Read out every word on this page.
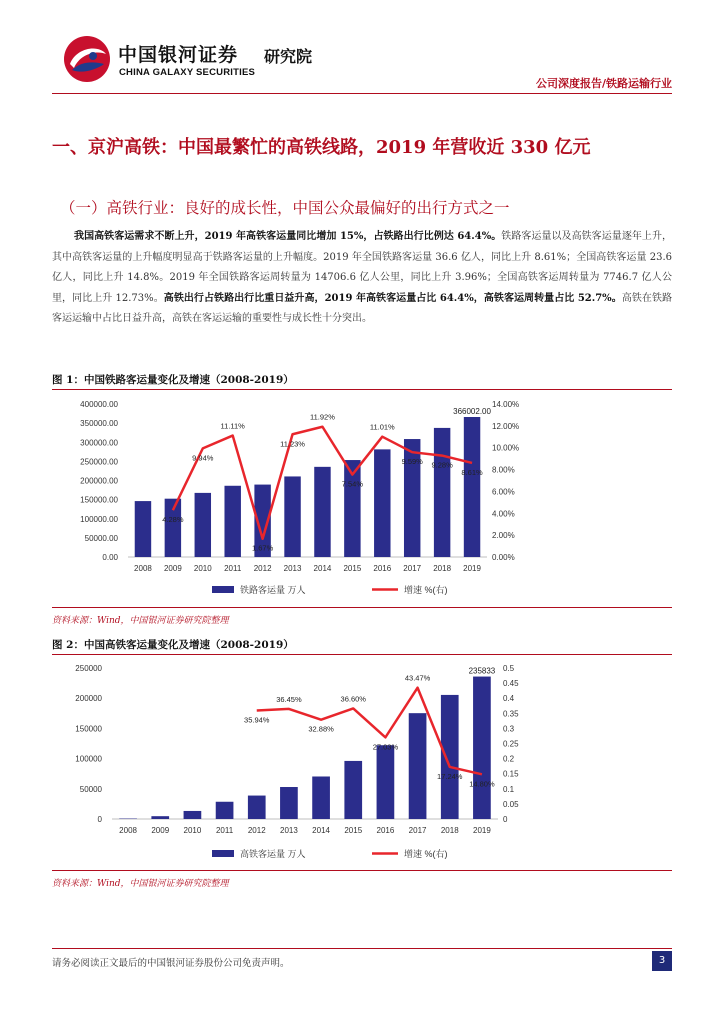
中国银河证券
CHINA GALAXY SECURITIES
研究院
公司深度报告/铁路运输行业
一、京沪高铁：中国最繁忙的高铁线路，2019 年营收近 330 亿元
（一）高铁行业：良好的成长性，中国公众最偏好的出行方式之一
我国高铁客运需求不断上升，2019 年高铁客运量同比增加 15%，占铁路出行比例达 64.4%。铁路客运量以及高铁客运量逐年上升，其中高铁客运量的上升幅度明显高于铁路客运量的上升幅度。2019 年全国铁路客运量 36.6 亿人，同比上升 8.61%；全国高铁客运量 23.6 亿人，同比上升 14.8%。2019 年全国铁路客运周转量为 14706.6 亿人公里，同比上升 3.96%；全国高铁客运周转量为 7746.7 亿人公里，同比上升 12.73%。高铁出行占铁路出行比重日益升高，2019 年高铁客运量占比 64.4%，高铁客运周转量占比 52.7%。高铁在铁路客运运输中占比日益升高，高铁在客运运输的重要性与成长性十分突出。
图 1：中国铁路客运量变化及增速（2008-2019）
0.00
50000.00
100000.00
150000.00
200000.00
250000.00
300000.00
350000.00
400000.00
0.00%
2.00%
4.00%
6.00%
8.00%
10.00%
12.00%
14.00%
2008 2009 2010 2011 2012 2013 2014 2015 2016 2017 2018 2019
366002.00
4.28%
9.94%
11.11%
1.67%
11.23%
11.92%
7.54%
11.01%
9.59% 9.28%
8.61%
铁路客运量 万人	增速 %(右)
资料来源：Wind，中国银河证券研究院整理
图 2：中国高铁客运量变化及增速（2008-2019）
0
50000
100000
150000
200000
250000
0
0.05
0.1
0.15
0.2
0.25
0.3
0.35
0.4
0.45
0.5
2008 2009 2010 2011 2012 2013 2014 2015 2016 2017 2018 2019
235833
35.94%
36.45%
32.88%
36.60%
27.03%
43.47%
17.24%
14.80%
高铁客运量 万人	增速 %(右)
资料来源：Wind，中国银河证券研究院整理
请务必阅读正文最后的中国银河证券股份公司免责声明。	3
